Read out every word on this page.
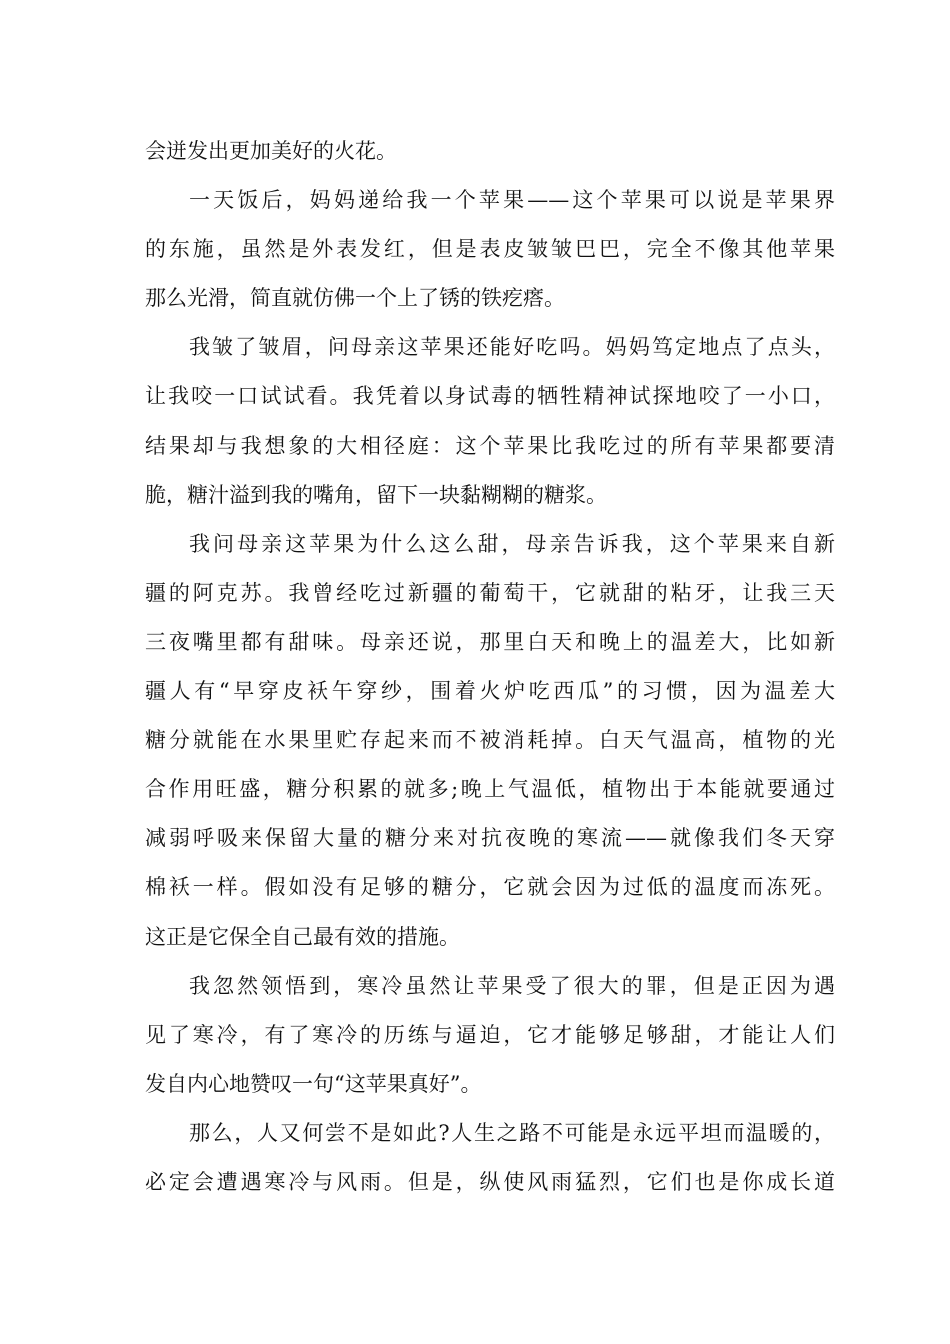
会迸发出更加美好的火花。
一天饭后，妈妈递给我一个苹果——这个苹果可以说是苹果界
的东施，虽然是外表发红，但是表皮皱皱巴巴，完全不像其他苹果
那么光滑，简直就仿佛一个上了锈的铁疙瘩。
我皱了皱眉，问母亲这苹果还能好吃吗。妈妈笃定地点了点头，
让我咬一口试试看。我凭着以身试毒的牺牲精神试探地咬了一小口，
结果却与我想象的大相径庭：这个苹果比我吃过的所有苹果都要清
脆，糖汁溢到我的嘴角，留下一块黏糊糊的糖浆。
我问母亲这苹果为什么这么甜，母亲告诉我，这个苹果来自新
疆的阿克苏。我曾经吃过新疆的葡萄干，它就甜的粘牙，让我三天
三夜嘴里都有甜味。母亲还说，那里白天和晚上的温差大，比如新
疆人有“早穿皮袄午穿纱，围着火炉吃西瓜”的习惯，因为温差大
糖分就能在水果里贮存起来而不被消耗掉。白天气温高，植物的光
合作用旺盛，糖分积累的就多;晚上气温低，植物出于本能就要通过
减弱呼吸来保留大量的糖分来对抗夜晚的寒流——就像我们冬天穿
棉袄一样。假如没有足够的糖分，它就会因为过低的温度而冻死。
这正是它保全自己最有效的措施。
我忽然领悟到，寒冷虽然让苹果受了很大的罪，但是正因为遇
见了寒冷，有了寒冷的历练与逼迫，它才能够足够甜，才能让人们
发自内心地赞叹一句“这苹果真好”。
那么，人又何尝不是如此?人生之路不可能是永远平坦而温暖的，
必定会遭遇寒冷与风雨。但是，纵使风雨猛烈，它们也是你成长道
